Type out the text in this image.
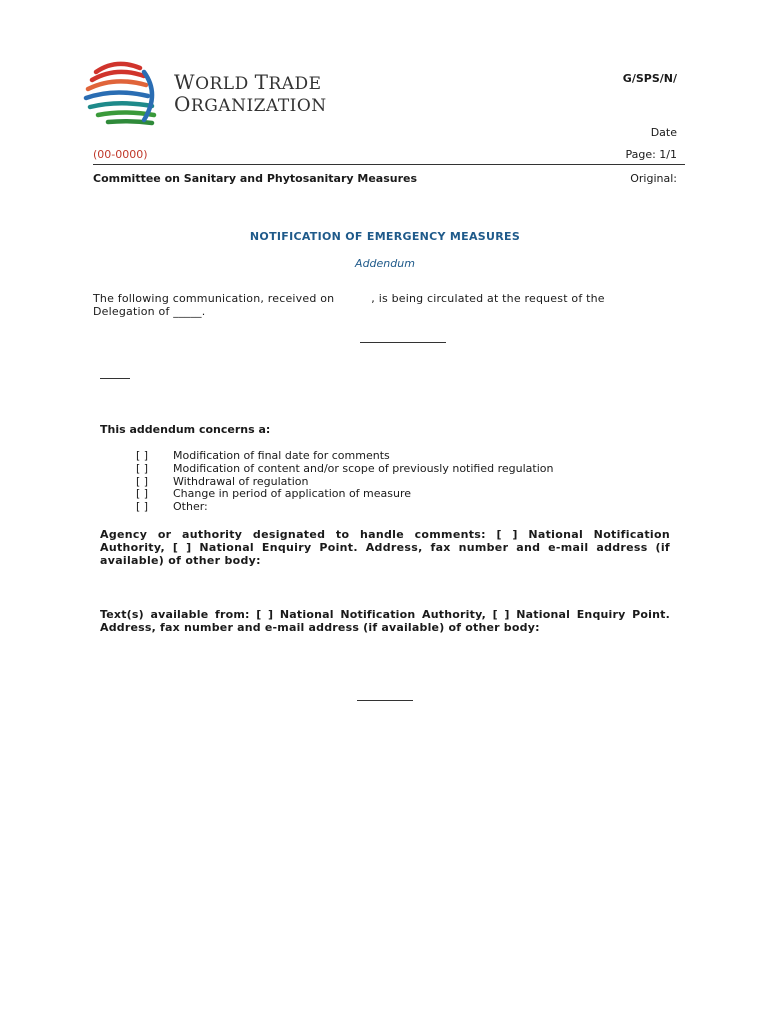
WORLD TRADE
ORGANIZATION
G/SPS/N/
Date
(00-0000)	Page: 1/1
Committee on Sanitary and Phytosanitary Measures	Original:
NOTIFICATION OF EMERGENCY MEASURES
Addendum
The following communication, received on          , is being circulated at the request of the
Delegation of _____.
This addendum concerns a:
[ ]	Modification of final date for comments
[ ]	Modification of content and/or scope of previously notified regulation
[ ]	Withdrawal of regulation
[ ]	Change in period of application of measure
[ ]	Other:
Agency or authority designated to handle comments: [ ] National Notification Authority, [ ] National Enquiry Point. Address, fax number and e-mail address (if available) of other body:
Text(s) available from: [ ] National Notification Authority, [ ] National Enquiry Point. Address, fax number and e-mail address (if available) of other body:
